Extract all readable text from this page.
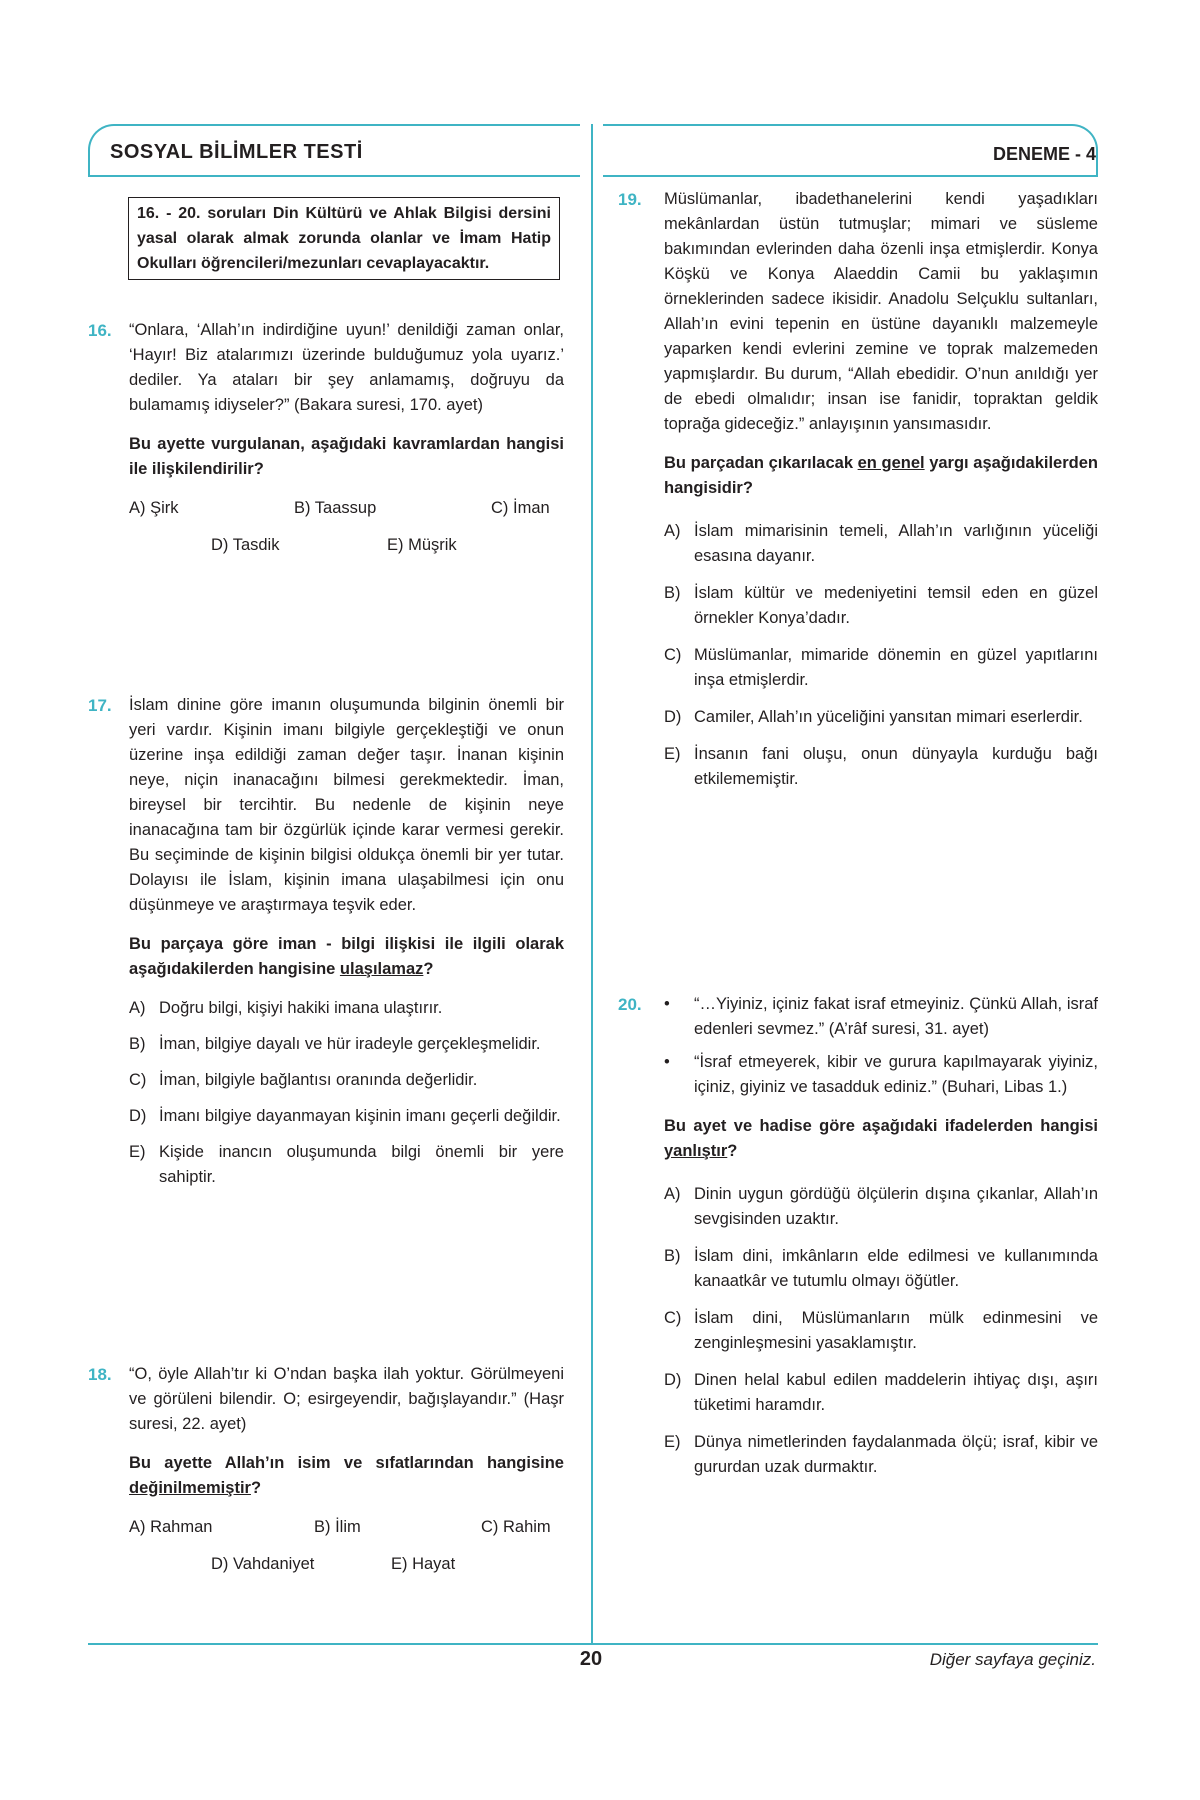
SOSYAL BİLİMLER TESTİ	DENEME - 4
16. - 20. soruları Din Kültürü ve Ahlak Bilgisi dersini yasal olarak almak zorunda olanlar ve İmam Hatip Okulları öğrencileri/mezunları cevaplayacaktır.
16. “Onlara, ‘Allah’ın indirdiğine uyun!’ denildiği zaman onlar, ‘Hayır! Biz atalarımızı üzerinde bulduğumuz yola uyarız.’ dediler. Ya ataları bir şey anlamamış, doğruyu da bulamamış idiyseler?” (Bakara suresi, 170. ayet)
Bu ayette vurgulanan, aşağıdaki kavramlardan hangisi ile ilişkilendirilir?
A) Şirk	B) Taassup	C) İman
D) Tasdik	E) Müşrik
17. İslam dinine göre imanın oluşumunda bilginin önemli bir yeri vardır. Kişinin imanı bilgiyle gerçekleştiği ve onun üzerine inşa edildiği zaman değer taşır. İnanan kişinin neye, niçin inanacağını bilmesi gerekmektedir. İman, bireysel bir tercihtir. Bu nedenle de kişinin neye inanacağına tam bir özgürlük içinde karar vermesi gerekir. Bu seçiminde de kişinin bilgisi oldukça önemli bir yer tutar. Dolayısı ile İslam, kişinin imana ulaşabilmesi için onu düşünmeye ve araştırmaya teşvik eder.
Bu parçaya göre iman - bilgi ilişkisi ile ilgili olarak aşağıdakilerden hangisine ulaşılamaz?
A) Doğru bilgi, kişiyi hakiki imana ulaştırır.
B) İman, bilgiye dayalı ve hür iradeyle gerçekleşmelidir.
C) İman, bilgiyle bağlantısı oranında değerlidir.
D) İmanı bilgiye dayanmayan kişinin imanı geçerli değildir.
E) Kişide inancın oluşumunda bilgi önemli bir yere sahiptir.
18. “O, öyle Allah’tır ki O’ndan başka ilah yoktur. Görülmeyeni ve görüleni bilendir. O; esirgeyendir, bağışlayandır.” (Haşr suresi, 22. ayet)
Bu ayette Allah’ın isim ve sıfatlarından hangisine değinilmemiştir?
A) Rahman	B) İlim	C) Rahim
D) Vahdaniyet	E) Hayat
19. Müslümanlar, ibadethanelerini kendi yaşadıkları mekânlardan üstün tutmuşlar; mimari ve süsleme bakımından evlerinden daha özenli inşa etmişlerdir. Konya Köşkü ve Konya Alaeddin Camii bu yaklaşımın örneklerinden sadece ikisidir. Anadolu Selçuklu sultanları, Allah’ın evini tepenin en üstüne dayanıklı malzemeyle yaparken kendi evlerini zemine ve toprak malzemeden yapmışlardır. Bu durum, “Allah ebedidir. O’nun anıldığı yer de ebedi olmalıdır; insan ise fanidir, topraktan geldik toprağa gideceğiz.” anlayışının yansımasıdır.
Bu parçadan çıkarılacak en genel yargı aşağıdakilerden hangisidir?
A) İslam mimarisinin temeli, Allah’ın varlığının yüceliği esasına dayanır.
B) İslam kültür ve medeniyetini temsil eden en güzel örnekler Konya’dadır.
C) Müslümanlar, mimaride dönemin en güzel yapıtlarını inşa etmişlerdir.
D) Camiler, Allah’ın yüceliğini yansıtan mimari eserlerdir.
E) İnsanın fani oluşu, onun dünyayla kurduğu bağı etkilememiştir.
20. •	“…Yiyiniz, içiniz fakat israf etmeyiniz. Çünkü Allah, israf edenleri sevmez.” (A’râf suresi, 31. ayet)
•	“İsraf etmeyerek, kibir ve gurura kapılmayarak yiyiniz, içiniz, giyiniz ve tasadduk ediniz.” (Buhari, Libas 1.)
Bu ayet ve hadise göre aşağıdaki ifadelerden hangisi yanlıştır?
A) Dinin uygun gördüğü ölçülerin dışına çıkanlar, Allah’ın sevgisinden uzaktır.
B) İslam dini, imkânların elde edilmesi ve kullanımında kanaatkâr ve tutumlu olmayı öğütler.
C) İslam dini, Müslümanların mülk edinmesini ve zenginleşmesini yasaklamıştır.
D) Dinen helal kabul edilen maddelerin ihtiyaç dışı, aşırı tüketimi haramdır.
E) Dünya nimetlerinden faydalanmada ölçü; israf, kibir ve gururdan uzak durmaktır.
20	Diğer sayfaya geçiniz.
